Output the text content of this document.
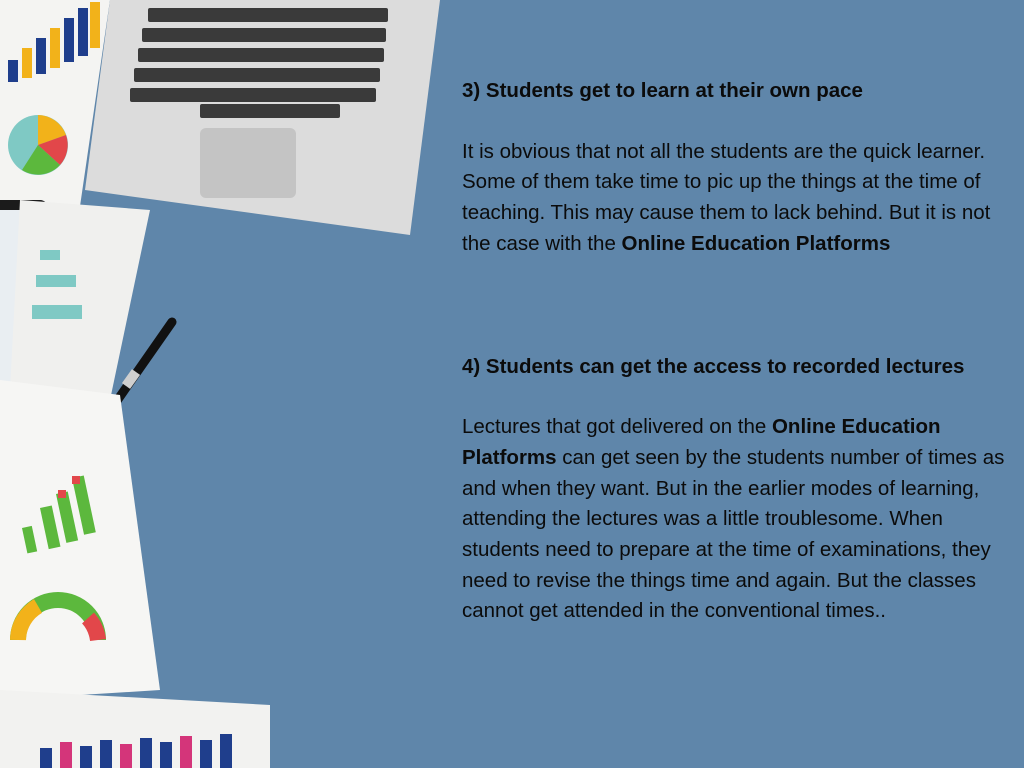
3) Students get to learn at their own pace

It is obvious that not all the students are the quick learner. Some of them take time to pic up the things at the time of teaching. This may cause them to lack behind. But it is not the case with the Online Education Platforms

4) Students can get the access to recorded lectures

Lectures that got delivered on the Online Education Platforms can get seen by the students number of times as and when they want. But in the earlier modes of learning, attending the lectures was a little troublesome. When students need to prepare at the time of examinations, they need to revise the things time and again. But the classes cannot get attended in the conventional times..
